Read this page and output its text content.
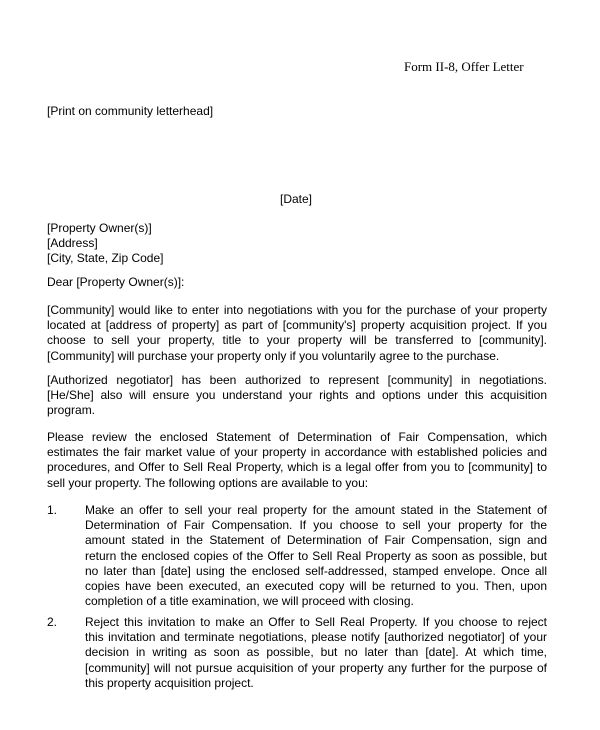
Form II-8, Offer Letter
[Print on community letterhead]
[Date]
[Property Owner(s)]
[Address]
[City, State, Zip Code]
Dear [Property Owner(s)]:
[Community] would like to enter into negotiations with you for the purchase of your property
located at [address of property] as part of [community's] property acquisition project. If you
choose to sell your property, title to your property will be transferred to [community].
[Community] will purchase your property only if you voluntarily agree to the purchase.
[Authorized negotiator] has been authorized to represent [community] in negotiations.
[He/She] also will ensure you understand your rights and options under this acquisition
program.
Please review the enclosed Statement of Determination of Fair Compensation, which
estimates the fair market value of your property in accordance with established policies and
procedures, and Offer to Sell Real Property, which is a legal offer from you to [community] to
sell your property. The following options are available to you:
1. Make an offer to sell your real property for the amount stated in the Statement of
Determination of Fair Compensation. If you choose to sell your property for the
amount stated in the Statement of Determination of Fair Compensation, sign and
return the enclosed copies of the Offer to Sell Real Property as soon as possible, but
no later than [date] using the enclosed self-addressed, stamped envelope. Once all
copies have been executed, an executed copy will be returned to you. Then, upon
completion of a title examination, we will proceed with closing.
2. Reject this invitation to make an Offer to Sell Real Property. If you choose to reject
this invitation and terminate negotiations, please notify [authorized negotiator] of your
decision in writing as soon as possible, but no later than [date]. At which time,
[community] will not pursue acquisition of your property any further for the purpose of
this property acquisition project.
